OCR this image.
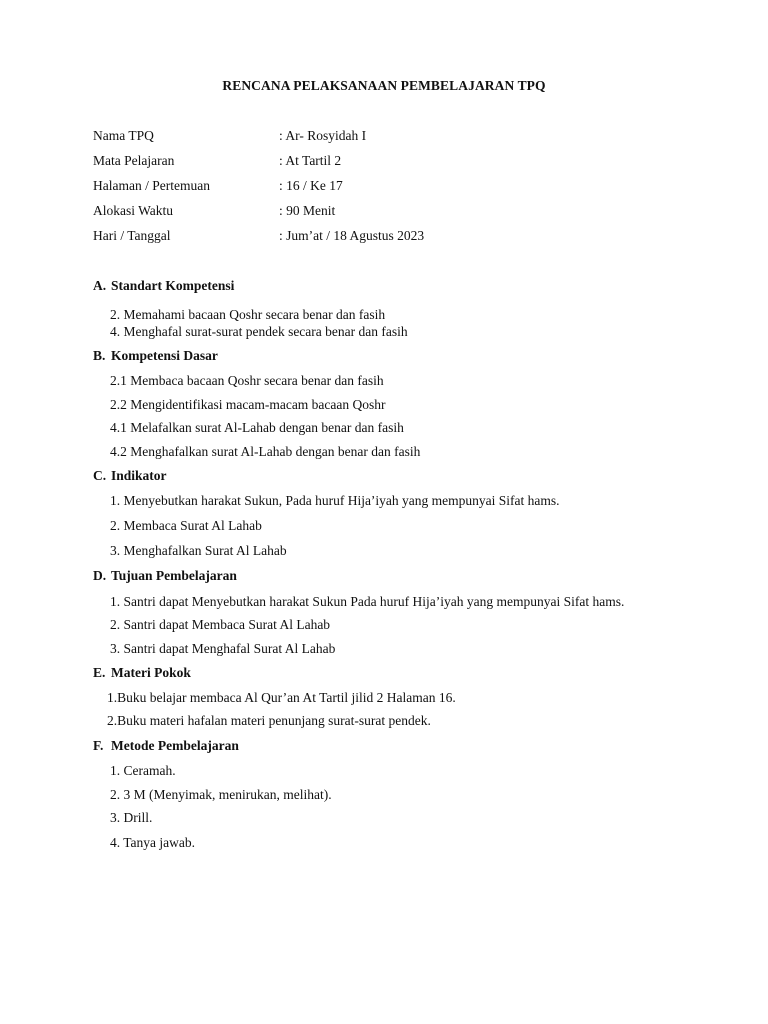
RENCANA PELAKSANAAN PEMBELAJARAN TPQ
Nama TPQ	: Ar- Rosyidah I
Mata Pelajaran	: At Tartil 2
Halaman / Pertemuan	: 16 / Ke 17
Alokasi Waktu	: 90 Menit
Hari / Tanggal	: Jum’at / 18 Agustus 2023
A. Standart Kompetensi
2. Memahami bacaan Qoshr secara benar dan fasih
4. Menghafal surat-surat pendek secara benar dan fasih
B. Kompetensi Dasar
2.1 Membaca bacaan Qoshr secara benar dan fasih
2.2 Mengidentifikasi macam-macam bacaan Qoshr
4.1 Melafalkan surat Al-Lahab dengan benar dan fasih
4.2 Menghafalkan surat Al-Lahab dengan benar dan fasih
C. Indikator
1. Menyebutkan harakat Sukun, Pada huruf Hija’iyah yang mempunyai Sifat hams.
2. Membaca Surat Al Lahab
3. Menghafalkan Surat Al Lahab
D. Tujuan Pembelajaran
1. Santri dapat Menyebutkan harakat Sukun Pada huruf Hija’iyah yang mempunyai Sifat hams.
2. Santri dapat Membaca Surat Al Lahab
3. Santri dapat Menghafal Surat Al Lahab
E. Materi Pokok
1.Buku belajar membaca Al Qur’an At Tartil jilid 2 Halaman 16.
2.Buku materi hafalan materi penunjang surat-surat pendek.
F. Metode Pembelajaran
1. Ceramah.
2. 3 M (Menyimak, menirukan, melihat).
3. Drill.
4. Tanya jawab.
